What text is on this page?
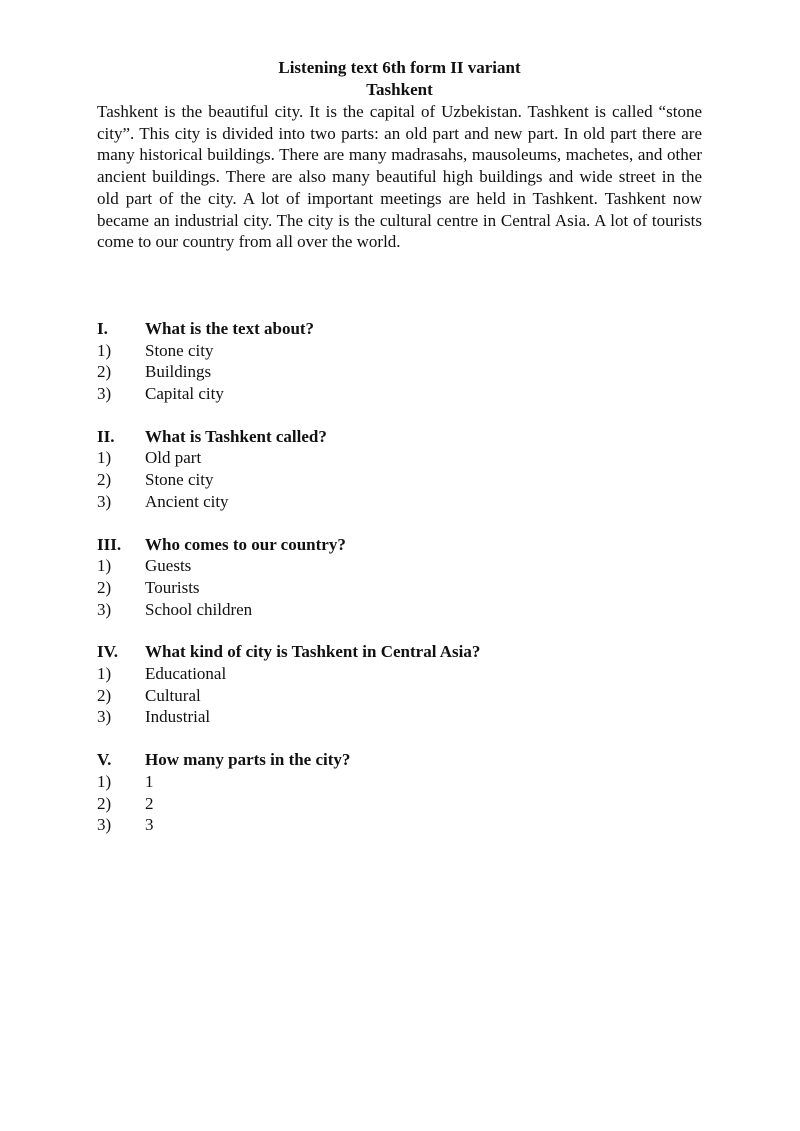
Listening text 6th form II variant

Tashkent

Tashkent is the beautiful city. It is the capital of Uzbekistan. Tashkent is called “stone city”. This city is divided into two parts: an old part and new part. In old part there are many historical buildings. There are many madrasahs, mausoleums, machetes, and other ancient buildings. There are also many beautiful high buildings and wide street in the old part of the city. A lot of important meetings are held in Tashkent. Tashkent now became an industrial city. The city is the cultural centre in Central Asia. A lot of tourists come to our country from all over the world.

I.	What is the text about?
1)	Stone city
2)	Buildings
3)	Capital city
II.	What is Tashkent called?
1)	Old part
2)	Stone city
3)	Ancient city
III.	Who comes to our country?
1)	Guests
2)	Tourists
3)	School children
IV.	What kind of city is Tashkent in Central Asia?
1)	Educational
2)	Cultural
3)	Industrial
V.	How many parts in the city?
1)	1
2)	2
3)	3
